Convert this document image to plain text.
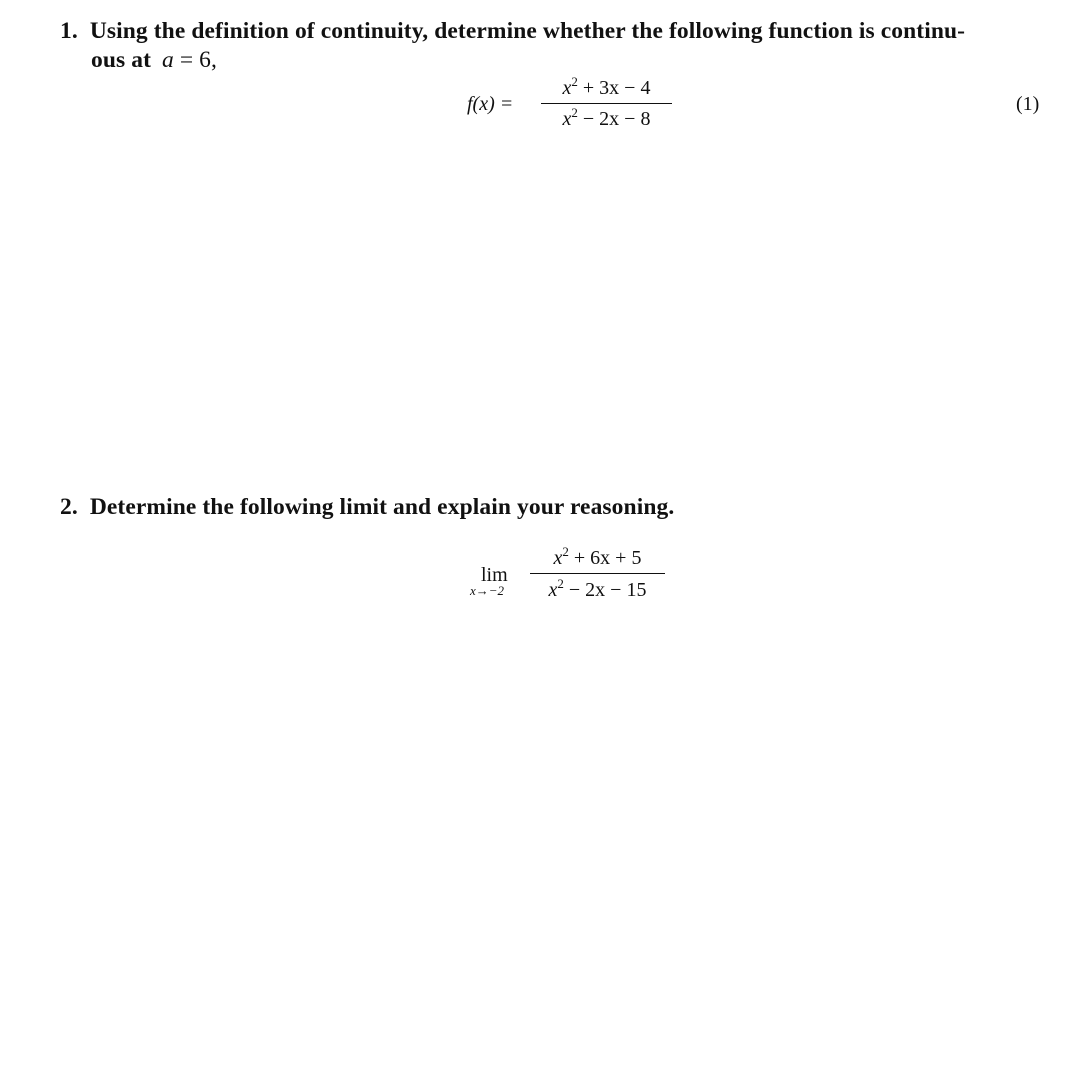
1. Using the definition of continuity, determine whether the following function is continu-
ous at a = 6,
f(x) =
$x^2 + 3x - 4$
$x^2 - 2x - 8$
(1)
2. Determine the following limit and explain your reasoning.
lim
x→−2
$x^2 + 6x + 5$
$x^2 - 2x - 15$
